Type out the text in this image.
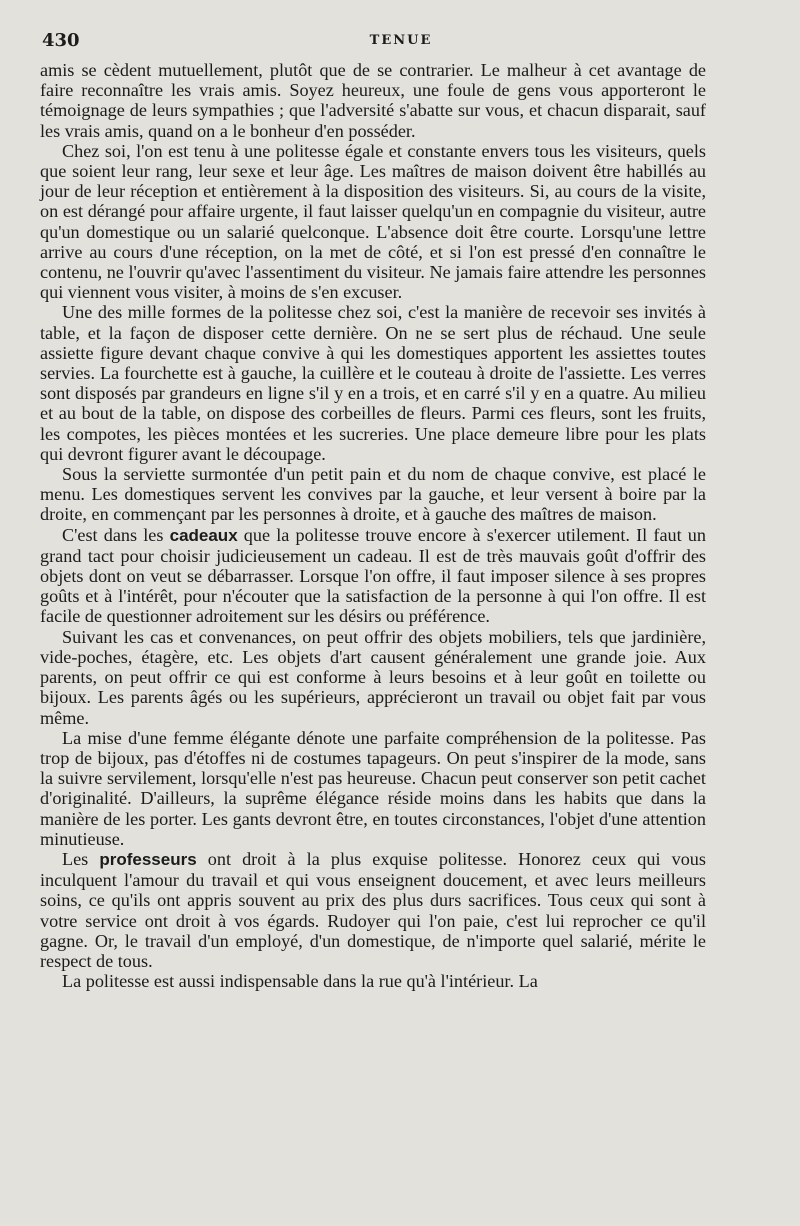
430	TENUE

amis se cèdent mutuellement, plutôt que de se contrarier. Le malheur à cet avantage de faire reconnaître les vrais amis. Soyez heureux, une foule de gens vous apporteront le témoignage de leurs sympathies ; que l'adversité s'abatte sur vous, et chacun disparait, sauf les vrais amis, quand on a le bonheur d'en posséder.

Chez soi, l'on est tenu à une politesse égale et constante envers tous les visiteurs, quels que soient leur rang, leur sexe et leur âge. Les maîtres de maison doivent être habillés au jour de leur réception et entièrement à la disposition des visiteurs. Si, au cours de la visite, on est dérangé pour affaire urgente, il faut laisser quelqu'un en compagnie du visiteur, autre qu'un domestique ou un salarié quelconque. L'absence doit être courte. Lorsqu'une lettre arrive au cours d'une réception, on la met de côté, et si l'on est pressé d'en connaître le contenu, ne l'ouvrir qu'avec l'assentiment du visiteur. Ne jamais faire attendre les personnes qui viennent vous visiter, à moins de s'en excuser.

Une des mille formes de la politesse chez soi, c'est la manière de recevoir ses invités à table, et la façon de disposer cette dernière. On ne se sert plus de réchaud. Une seule assiette figure devant chaque convive à qui les domestiques apportent les assiettes toutes servies. La fourchette est à gauche, la cuillère et le couteau à droite de l'assiette. Les verres sont disposés par grandeurs en ligne s'il y en a trois, et en carré s'il y en a quatre. Au milieu et au bout de la table, on dispose des corbeilles de fleurs. Parmi ces fleurs, sont les fruits, les compotes, les pièces montées et les sucreries. Une place demeure libre pour les plats qui devront figurer avant le découpage.

Sous la serviette surmontée d'un petit pain et du nom de chaque convive, est placé le menu. Les domestiques servent les convives par la gauche, et leur versent à boire par la droite, en commençant par les personnes à droite, et à gauche des maîtres de maison.

C'est dans les cadeaux que la politesse trouve encore à s'exercer utilement. Il faut un grand tact pour choisir judicieusement un cadeau. Il est de très mauvais goût d'offrir des objets dont on veut se débarrasser. Lorsque l'on offre, il faut imposer silence à ses propres goûts et à l'intérêt, pour n'écouter que la satisfaction de la personne à qui l'on offre. Il est facile de questionner adroitement sur les désirs ou préférence.

Suivant les cas et convenances, on peut offrir des objets mobiliers, tels que jardinière, vide-poches, étagère, etc. Les objets d'art causent généralement une grande joie. Aux parents, on peut offrir ce qui est conforme à leurs besoins et à leur goût en toilette ou bijoux. Les parents âgés ou les supérieurs, apprécieront un travail ou objet fait par vous même.

La mise d'une femme élégante dénote une parfaite compréhension de la politesse. Pas trop de bijoux, pas d'étoffes ni de costumes tapageurs. On peut s'inspirer de la mode, sans la suivre servilement, lorsqu'elle n'est pas heureuse. Chacun peut conserver son petit cachet d'originalité. D'ailleurs, la suprême élégance réside moins dans les habits que dans la manière de les porter. Les gants devront être, en toutes circonstances, l'objet d'une attention minutieuse.

Les professeurs ont droit à la plus exquise politesse. Honorez ceux qui vous inculquent l'amour du travail et qui vous enseignent doucement, et avec leurs meilleurs soins, ce qu'ils ont appris souvent au prix des plus durs sacrifices. Tous ceux qui sont à votre service ont droit à vos égards. Rudoyer qui l'on paie, c'est lui reprocher ce qu'il gagne. Or, le travail d'un employé, d'un domestique, de n'importe quel salarié, mérite le respect de tous.

La politesse est aussi indispensable dans la rue qu'à l'intérieur. La
